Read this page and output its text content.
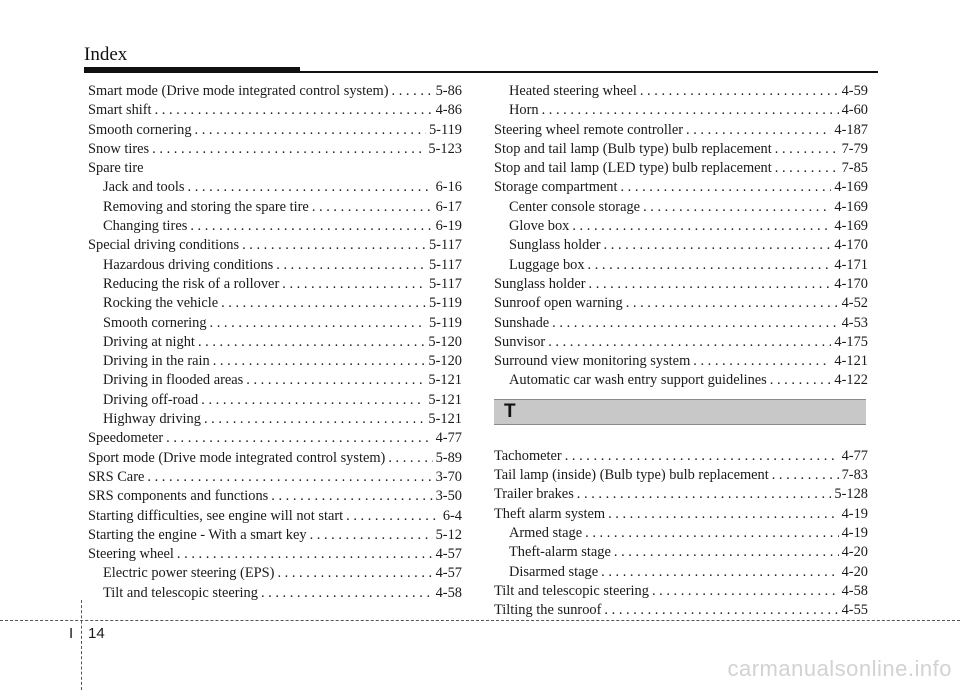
Index
Smart mode (Drive mode integrated control system) . . .	5-86
Smart shift . . .	4-86
Smooth cornering . . .	5-119
Snow tires . . .	5-123
Spare tire
Jack and tools . . .	6-16
Removing and storing the spare tire . . .	6-17
Changing tires . . .	6-19
Special driving conditions . . .	5-117
Hazardous driving conditions . . .	5-117
Reducing the risk of a rollover . . .	5-117
Rocking the vehicle . . .	5-119
Smooth cornering . . .	5-119
Driving at night . . .	5-120
Driving in the rain . . .	5-120
Driving in flooded areas . . .	5-121
Driving off-road . . .	5-121
Highway driving . . .	5-121
Speedometer . . .	4-77
Sport mode (Drive mode integrated control system) . . .	5-89
SRS Care . . .	3-70
SRS components and functions . . .	3-50
Starting difficulties, see engine will not start . . .	6-4
Starting the engine - With a smart key . . .	5-12
Steering wheel . . .	4-57
Electric power steering (EPS) . . .	4-57
Tilt and telescopic steering . . .	4-58
Heated steering wheel . . .	4-59
Horn . . .	4-60
Steering wheel remote controller . . .	4-187
Stop and tail lamp (Bulb type) bulb replacement . . .	7-79
Stop and tail lamp (LED type) bulb replacement . . .	7-85
Storage compartment . . .	4-169
Center console storage . . .	4-169
Glove box . . .	4-169
Sunglass holder . . .	4-170
Luggage box . . .	4-171
Sunglass holder . . .	4-170
Sunroof open warning . . .	4-52
Sunshade . . .	4-53
Sunvisor . . .	4-175
Surround view monitoring system . . .	4-121
Automatic car wash entry support guidelines . . .	4-122
T
Tachometer . . .	4-77
Tail lamp (inside) (Bulb type) bulb replacement . . .	7-83
Trailer brakes . . .	5-128
Theft alarm system . . .	4-19
Armed stage . . .	4-19
Theft-alarm stage . . .	4-20
Disarmed stage . . .	4-20
Tilt and telescopic steering . . .	4-58
Tilting the sunroof . . .	4-55
I 14
carmanualsonline.info
